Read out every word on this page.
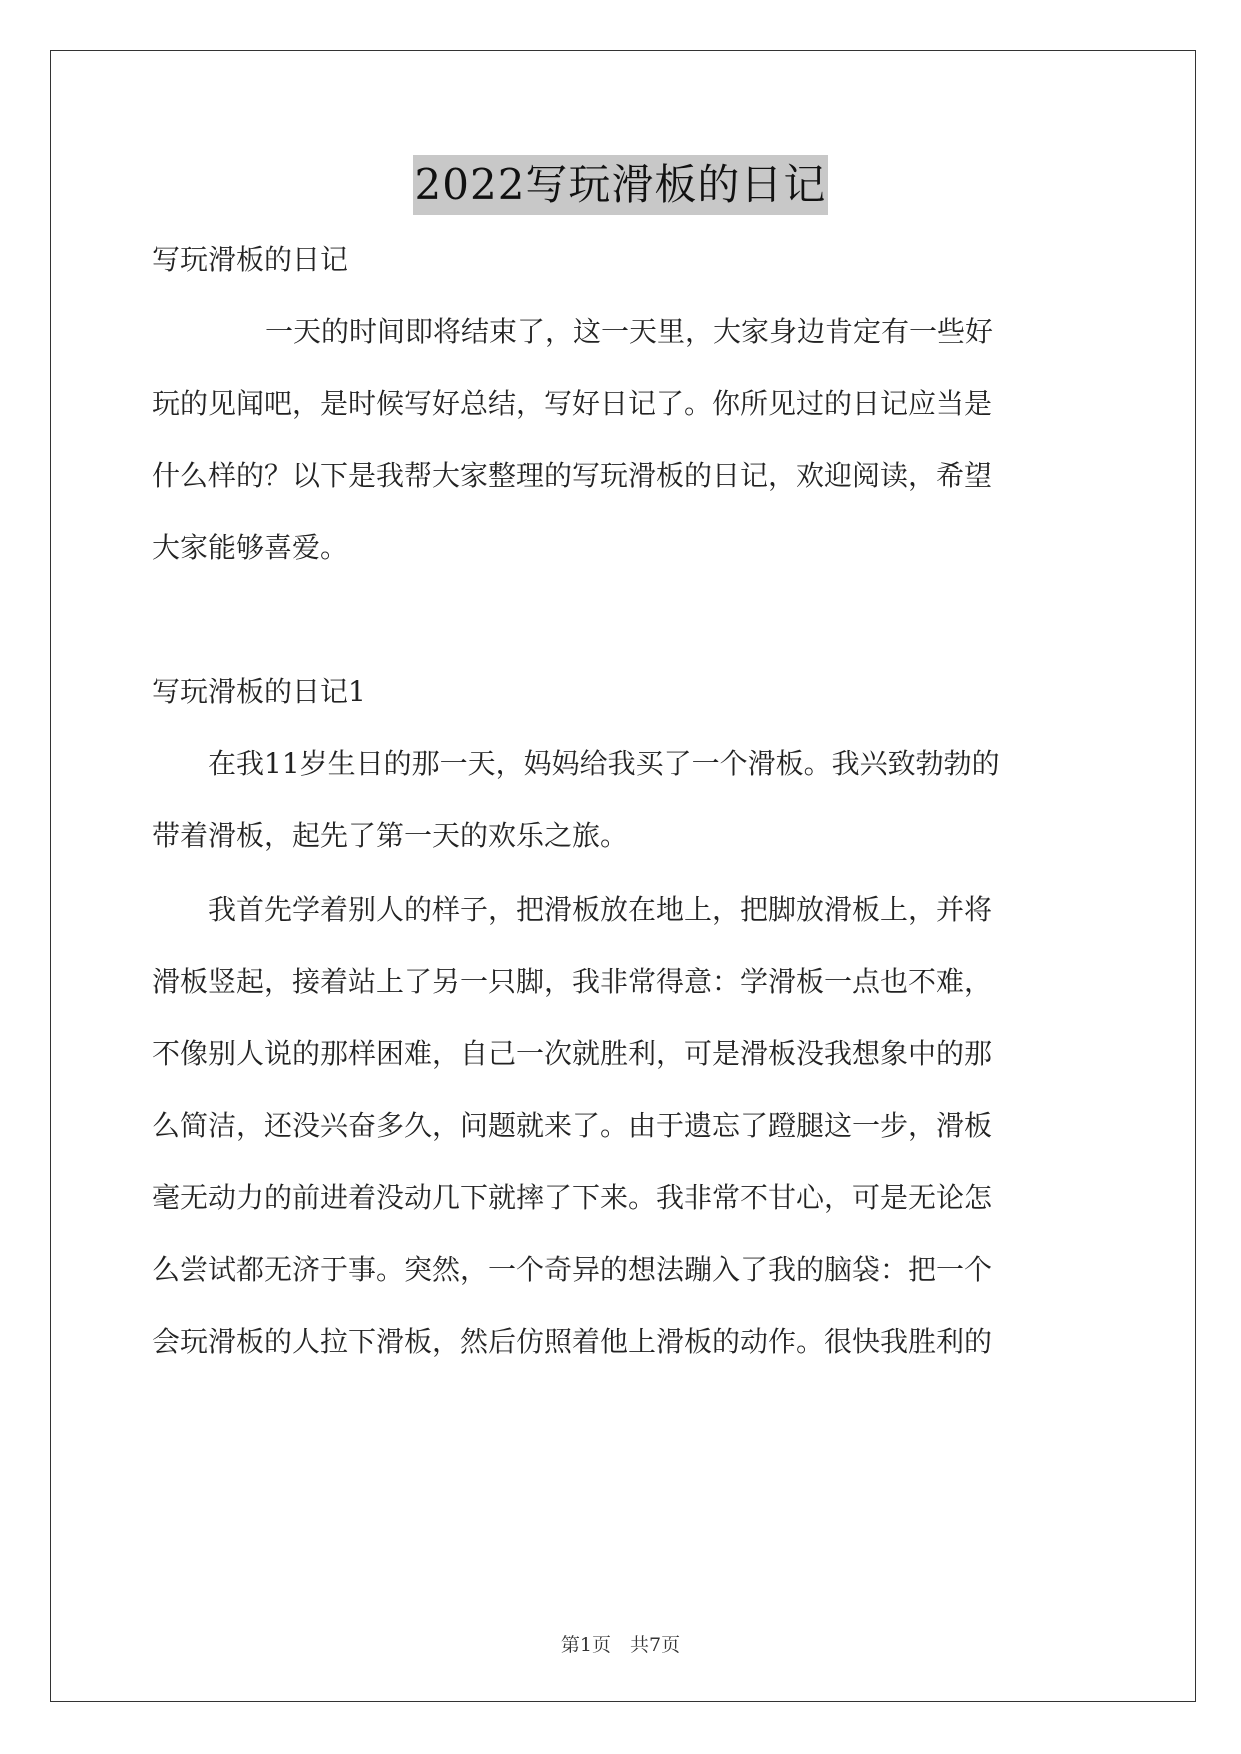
2022写玩滑板的日记
写玩滑板的日记
一天的时间即将结束了，这一天里，大家身边肯定有一些好
玩的见闻吧，是时候写好总结，写好日记了。你所见过的日记应当是
什么样的？以下是我帮大家整理的写玩滑板的日记，欢迎阅读，希望
大家能够喜爱。
写玩滑板的日记1
在我11岁生日的那一天，妈妈给我买了一个滑板。我兴致勃勃的
带着滑板，起先了第一天的欢乐之旅。
我首先学着别人的样子，把滑板放在地上，把脚放滑板上，并将
滑板竖起，接着站上了另一只脚，我非常得意：学滑板一点也不难，
不像别人说的那样困难，自己一次就胜利，可是滑板没我想象中的那
么简洁，还没兴奋多久，问题就来了。由于遗忘了蹬腿这一步，滑板
毫无动力的前进着没动几下就摔了下来。我非常不甘心，可是无论怎
么尝试都无济于事。突然，一个奇异的想法蹦入了我的脑袋：把一个
会玩滑板的人拉下滑板，然后仿照着他上滑板的动作。很快我胜利的
第1页　共7页
